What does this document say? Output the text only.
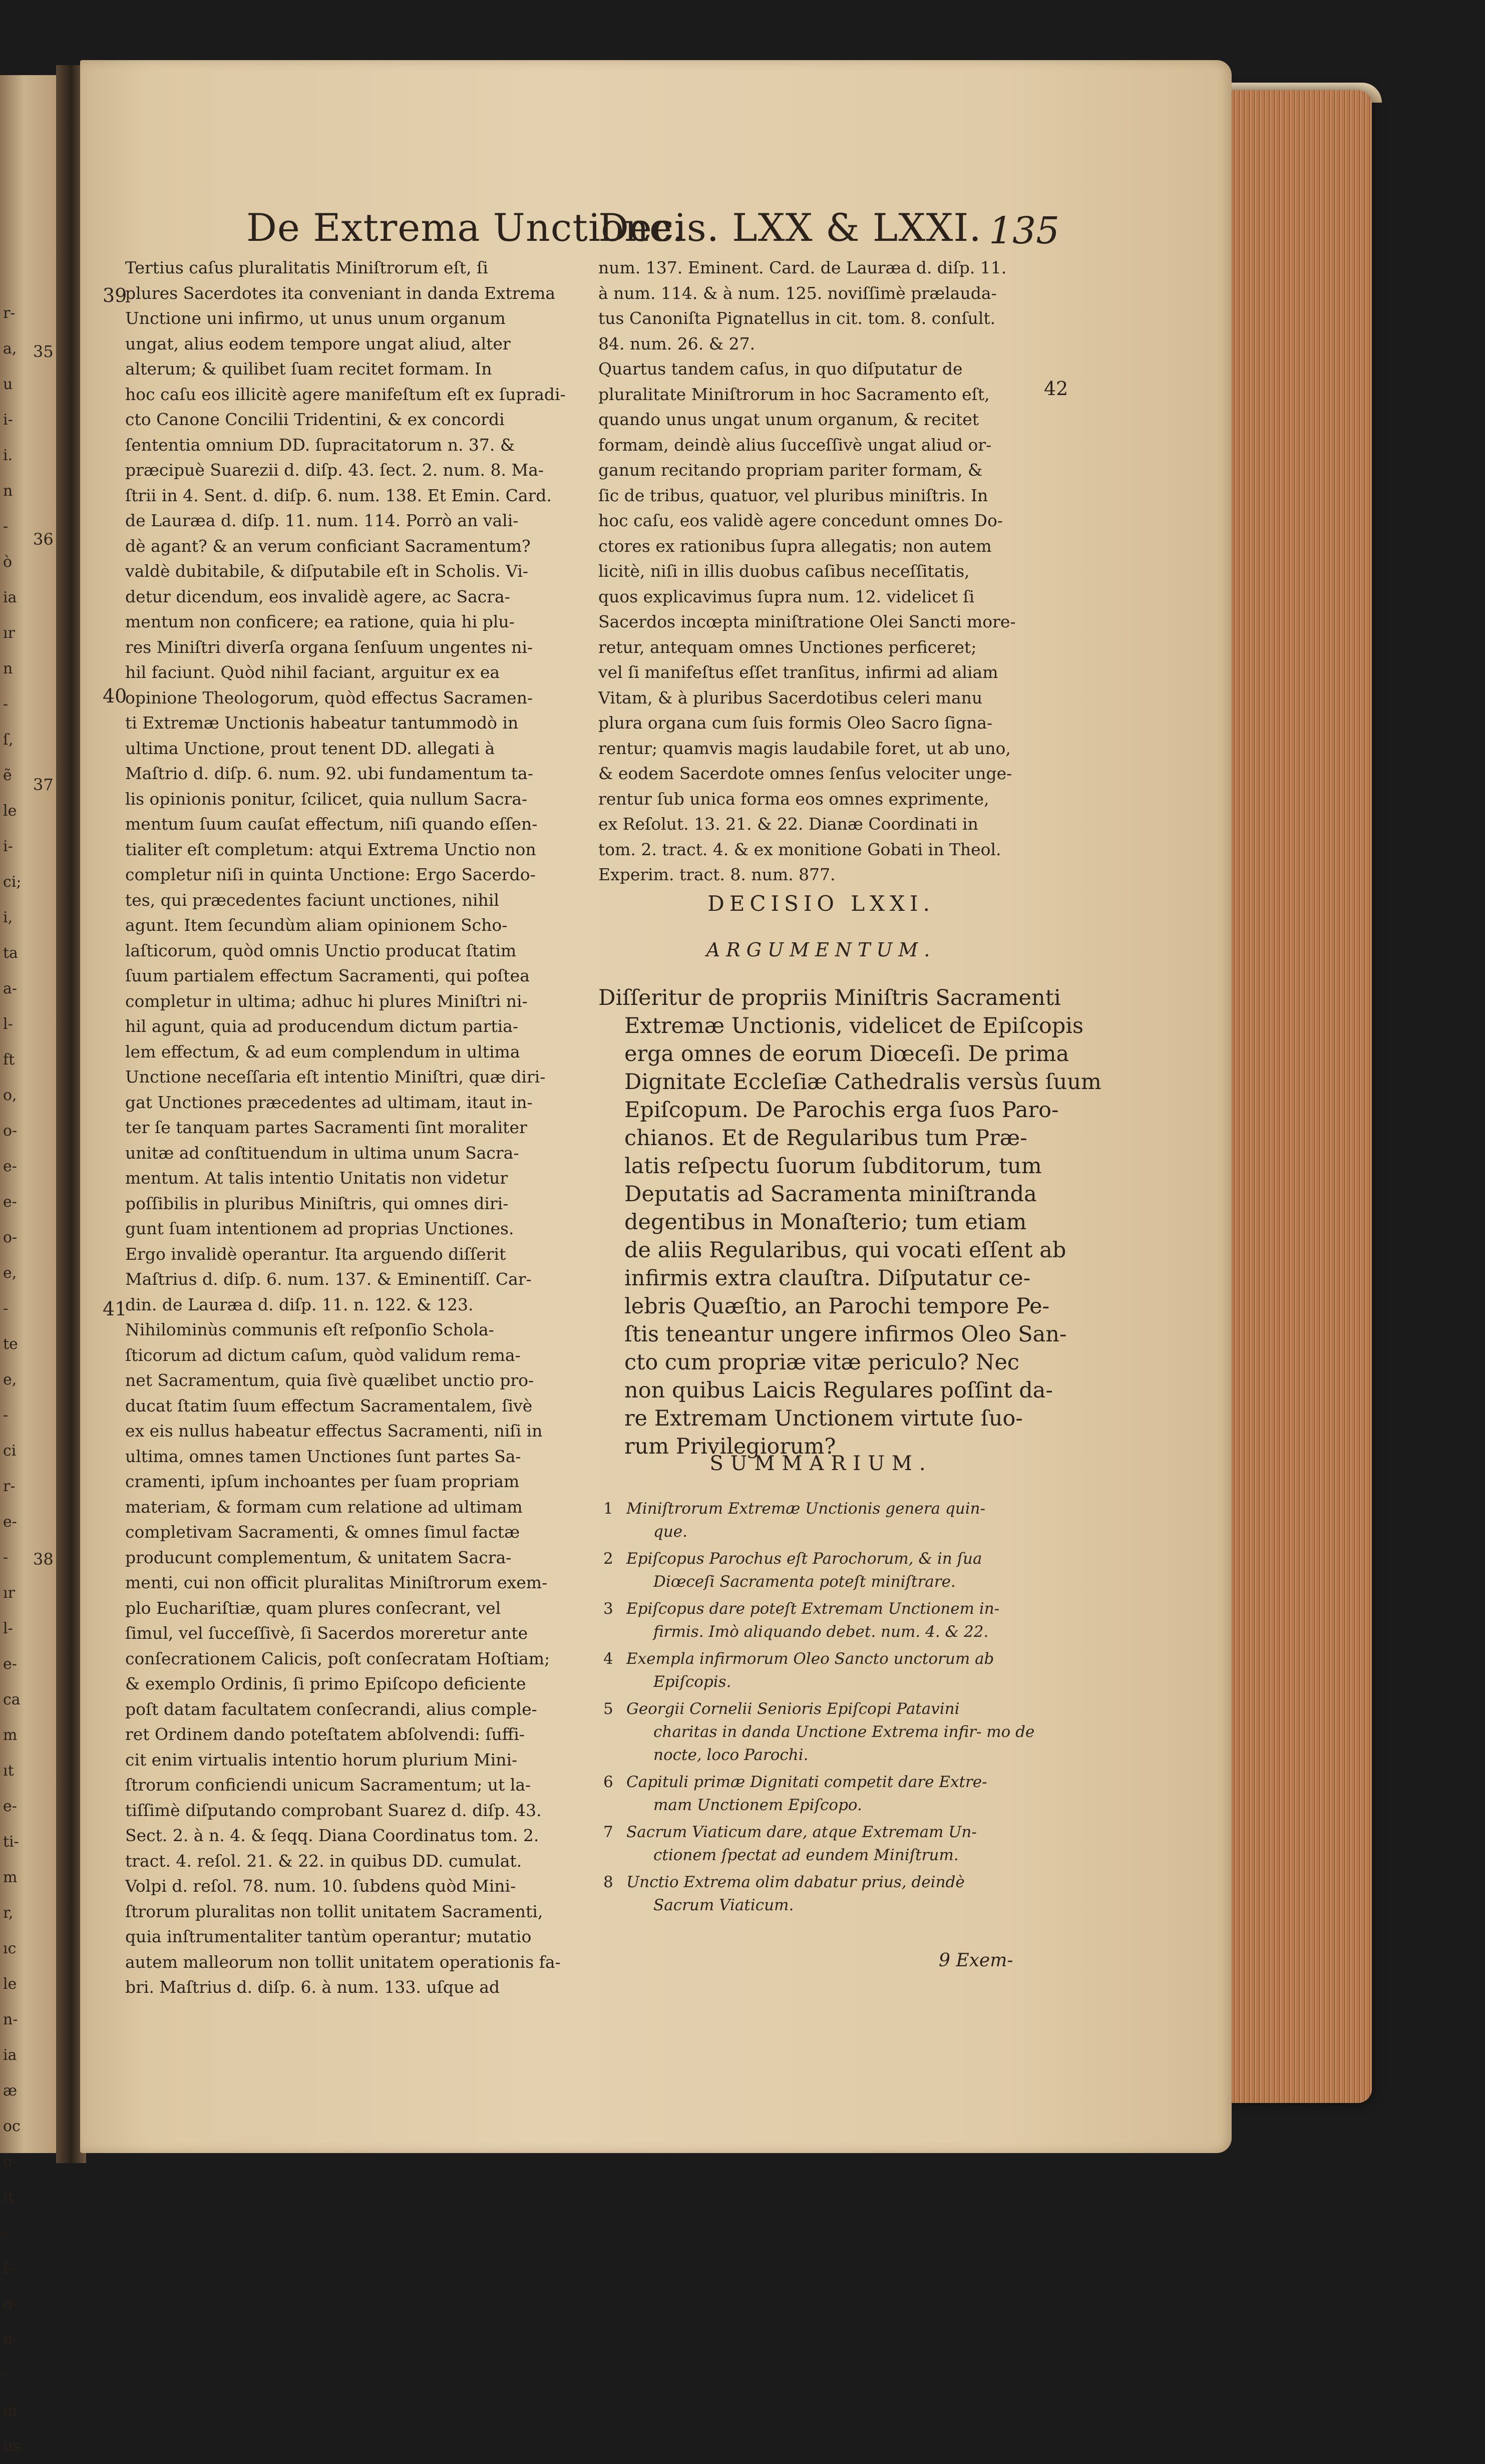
r-
a,
u
i-
i.
n
-
ò
ia
ır
n
-
ſ,
ẽ
le
i-
ci;
i,
ta
a-
l-
ft
o,
o-
e-
e-
o-
e,
-
te
e,
-
ci
r-
e-
-
ır
l-
e-
ca
m
ıt
e-
ti-
m
r,
ıc
le
n-
ia
æ
oc
o-
it
-
ſ-
o-
n-
-
m
us
De Extrema Unctione.
Decis. LXX & LXXI. 135
39
40
41
42
35
36
37
38
Tertius caſus pluralitatis Miniſtrorum eſt, ſi
plures Sacerdotes ita conveniant in danda Extrema
Unctione uni infirmo, ut unus unum organum
ungat, alius eodem tempore ungat aliud, alter
alterum; & quilibet ſuam recitet formam. In
hoc caſu eos illicitè agere manifeſtum eſt ex ſupradi-
cto Canone Concilii Tridentini, & ex concordi
ſententia omnium DD. ſupracitatorum n. 37. &
præcipuè Suarezii d. diſp. 43. ſect. 2. num. 8. Ma-
ſtrii in 4. Sent. d. diſp. 6. num. 138. Et Emin. Card.
de Lauræa d. diſp. 11. num. 114. Porrò an vali-
dè agant? & an verum conficiant Sacramentum?
valdè dubitabile, & diſputabile eſt in Scholis. Vi-
detur dicendum, eos invalidè agere, ac Sacra-
mentum non conficere; ea ratione, quia hi plu-
res Miniſtri diverſa organa ſenſuum ungentes ni-
hil faciunt. Quòd nihil faciant, arguitur ex ea
opinione Theologorum, quòd effectus Sacramen-
ti Extremæ Unctionis habeatur tantummodò in
ultima Unctione, prout tenent DD. allegati à
Maſtrio d. diſp. 6. num. 92. ubi fundamentum ta-
lis opinionis ponitur, ſcilicet, quia nullum Sacra-
mentum ſuum cauſat effectum, niſi quando eſſen-
tialiter eſt completum: atqui Extrema Unctio non
completur niſi in quinta Unctione: Ergo Sacerdo-
tes, qui præcedentes faciunt unctiones, nihil
agunt. Item ſecundùm aliam opinionem Scho-
laſticorum, quòd omnis Unctio producat ſtatim
ſuum partialem effectum Sacramenti, qui poſtea
completur in ultima; adhuc hi plures Miniſtri ni-
hil agunt, quia ad producendum dictum partia-
lem effectum, & ad eum complendum in ultima
Unctione neceſſaria eſt intentio Miniſtri, quæ diri-
gat Unctiones præcedentes ad ultimam, itaut in-
ter ſe tanquam partes Sacramenti ſint moraliter
unitæ ad conſtituendum in ultima unum Sacra-
mentum. At talis intentio Unitatis non videtur
poſſibilis in pluribus Miniſtris, qui omnes diri-
gunt ſuam intentionem ad proprias Unctiones.
Ergo invalidè operantur. Ita arguendo diſſerit
Maſtrius d. diſp. 6. num. 137. & Eminentiſſ. Car-
din. de Lauræa d. diſp. 11. n. 122. & 123.
Nihilominùs communis eſt reſponſio Schola-
ſticorum ad dictum caſum, quòd validum rema-
net Sacramentum, quia ſivè quælibet unctio pro-
ducat ſtatim ſuum effectum Sacramentalem, ſivè
ex eis nullus habeatur effectus Sacramenti, niſi in
ultima, omnes tamen Unctiones ſunt partes Sa-
cramenti, ipſum inchoantes per ſuam propriam
materiam, & formam cum relatione ad ultimam
completivam Sacramenti, & omnes ſimul factæ
producunt complementum, & unitatem Sacra-
menti, cui non officit pluralitas Miniſtrorum exem-
plo Euchariſtiæ, quam plures conſecrant, vel
ſimul, vel ſucceſſivè, ſi Sacerdos moreretur ante
conſecrationem Calicis, poſt conſecratam Hoſtiam;
& exemplo Ordinis, ſi primo Epiſcopo deficiente
poſt datam facultatem conſecrandi, alius comple-
ret Ordinem dando poteſtatem abſolvendi: ſuffi-
cit enim virtualis intentio horum plurium Mini-
ſtrorum conficiendi unicum Sacramentum; ut la-
tiſſimè diſputando comprobant Suarez d. diſp. 43.
Sect. 2. à n. 4. & ſeqq. Diana Coordinatus tom. 2.
tract. 4. reſol. 21. & 22. in quibus DD. cumulat.
Volpi d. reſol. 78. num. 10. ſubdens quòd Mini-
ſtrorum pluralitas non tollit unitatem Sacramenti,
quia inſtrumentaliter tantùm operantur; mutatio
autem malleorum non tollit unitatem operationis fa-
bri. Maſtrius d. diſp. 6. à num. 133. uſque ad
num. 137. Eminent. Card. de Lauræa d. diſp. 11.
à num. 114. & à num. 125. noviſſimè prælauda-
tus Canoniſta Pignatellus in cit. tom. 8. conſult.
84. num. 26. & 27.
Quartus tandem caſus, in quo diſputatur de
pluralitate Miniſtrorum in hoc Sacramento eſt,
quando unus ungat unum organum, & recitet
formam, deindè alius ſucceſſivè ungat aliud or-
ganum recitando propriam pariter formam, &
ſic de tribus, quatuor, vel pluribus miniſtris. In
hoc caſu, eos validè agere concedunt omnes Do-
ctores ex rationibus ſupra allegatis; non autem
licitè, niſi in illis duobus caſibus neceſſitatis,
quos explicavimus ſupra num. 12. videlicet ſi
Sacerdos incœpta miniſtratione Olei Sancti more-
retur, antequam omnes Unctiones perficeret;
vel ſi manifeſtus eſſet tranſitus, infirmi ad aliam
Vitam, & à pluribus Sacerdotibus celeri manu
plura organa cum ſuis formis Oleo Sacro ſigna-
rentur; quamvis magis laudabile foret, ut ab uno,
& eodem Sacerdote omnes ſenſus velociter unge-
rentur ſub unica forma eos omnes exprimente,
ex Reſolut. 13. 21. & 22. Dianæ Coordinati in
tom. 2. tract. 4. & ex monitione Gobati in Theol.
Experim. tract. 8. num. 877.
DECISIO LXXI.
ARGUMENTUM.
Diſſeritur de propriis Miniſtris Sacramenti
Extremæ Unctionis, videlicet de Epiſcopis
erga omnes de eorum Diœceſi. De prima
Dignitate Eccleſiæ Cathedralis versùs ſuum
Epiſcopum. De Parochis erga ſuos Paro-
chianos. Et de Regularibus tum Præ-
latis reſpectu ſuorum ſubditorum, tum
Deputatis ad Sacramenta miniſtranda
degentibus in Monaſterio; tum etiam
de aliis Regularibus, qui vocati eſſent ab
infirmis extra clauſtra. Diſputatur ce-
lebris Quæſtio, an Parochi tempore Pe-
ſtis teneantur ungere infirmos Oleo San-
cto cum propriæ vitæ periculo? Nec
non quibus Laicis Regulares poſſint da-
re Extremam Unctionem virtute ſuo-
rum Privilegiorum?
SUMMARIUM.
1 Miniſtrorum Extremæ Unctionis genera quin-
que.
2 Epiſcopus Parochus eſt Parochorum, & in ſua
Diœceſi Sacramenta poteſt miniſtrare.
3 Epiſcopus dare poteſt Extremam Unctionem in-
firmis. Imò aliquando debet. num. 4. & 22.
4 Exempla infirmorum Oleo Sancto unctorum ab
Epiſcopis.
5 Georgii Cornelii Senioris Epiſcopi Patavini
charitas in danda Unctione Extrema infir- mo de nocte, loco Parochi.
6 Capituli primæ Dignitati competit dare Extre-
mam Unctionem Epiſcopo.
7 Sacrum Viaticum dare, atque Extremam Un-
ctionem ſpectat ad eundem Miniſtrum.
8 Unctio Extrema olim dabatur prius, deindè
Sacrum Viaticum.
9 Exem-
